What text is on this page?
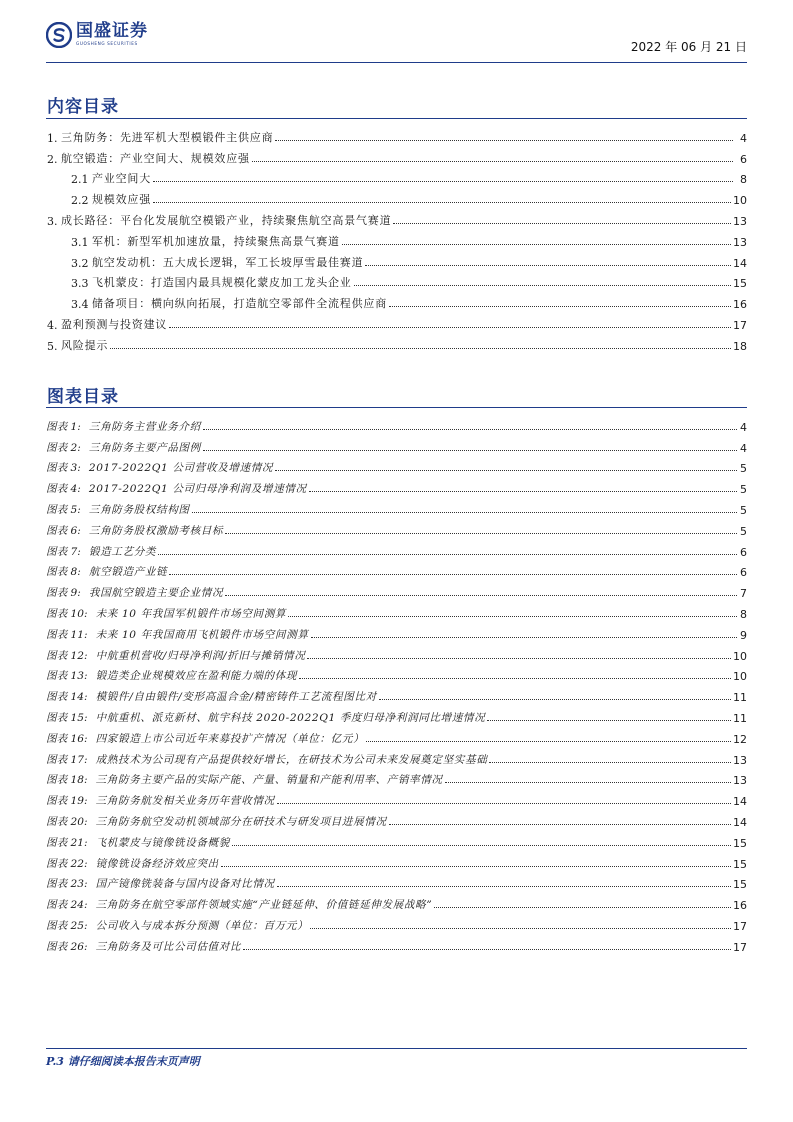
国盛证券
GUOSHENG SECURITIES	2022 年 06 月 21 日
内容目录
1. 三角防务：先进军机大型模锻件主供应商	4
2. 航空锻造：产业空间大、规模效应强	6
2.1 产业空间大	8
2.2 规模效应强	10
3. 成长路径：平台化发展航空模锻产业，持续聚焦航空高景气赛道	13
3.1 军机：新型军机加速放量，持续聚焦高景气赛道	13
3.2 航空发动机：五大成长逻辑，军工长坡厚雪最佳赛道	14
3.3 飞机蒙皮：打造国内最具规模化蒙皮加工龙头企业	15
3.4 储备项目：横向纵向拓展，打造航空零部件全流程供应商	16
4. 盈利预测与投资建议	17
5. 风险提示	18
图表目录
图表 1: 三角防务主营业务介绍	4
图表 2: 三角防务主要产品图例	4
图表 3: 2017-2022Q1 公司营收及增速情况	5
图表 4: 2017-2022Q1 公司归母净利润及增速情况	5
图表 5: 三角防务股权结构图	5
图表 6: 三角防务股权激励考核目标	5
图表 7: 锻造工艺分类	6
图表 8: 航空锻造产业链	6
图表 9: 我国航空锻造主要企业情况	7
图表 10: 未来 10 年我国军机锻件市场空间测算	8
图表 11: 未来 10 年我国商用飞机锻件市场空间测算	9
图表 12: 中航重机营收/归母净利润/折旧与摊销情况	10
图表 13: 锻造类企业规模效应在盈利能力端的体现	10
图表 14: 模锻件/自由锻件/变形高温合金/精密铸件工艺流程图比对	11
图表 15: 中航重机、派克新材、航宇科技 2020-2022Q1 季度归母净利润同比增速情况	11
图表 16: 四家锻造上市公司近年来募投扩产情况（单位：亿元）	12
图表 17: 成熟技术为公司现有产品提供较好增长，在研技术为公司未来发展奠定坚实基础	13
图表 18: 三角防务主要产品的实际产能、产量、销量和产能利用率、产销率情况	13
图表 19: 三角防务航发相关业务历年营收情况	14
图表 20: 三角防务航空发动机领域部分在研技术与研发项目进展情况	14
图表 21: 飞机蒙皮与镜像铣设备概貌	15
图表 22: 镜像铣设备经济效应突出	15
图表 23: 国产镜像铣装备与国内设备对比情况	15
图表 24: 三角防务在航空零部件领域实施“产业链延伸、价值链延伸发展战略”	16
图表 25: 公司收入与成本拆分预测（单位：百万元）	17
图表 26: 三角防务及可比公司估值对比	17
P.3 请仔细阅读本报告末页声明
